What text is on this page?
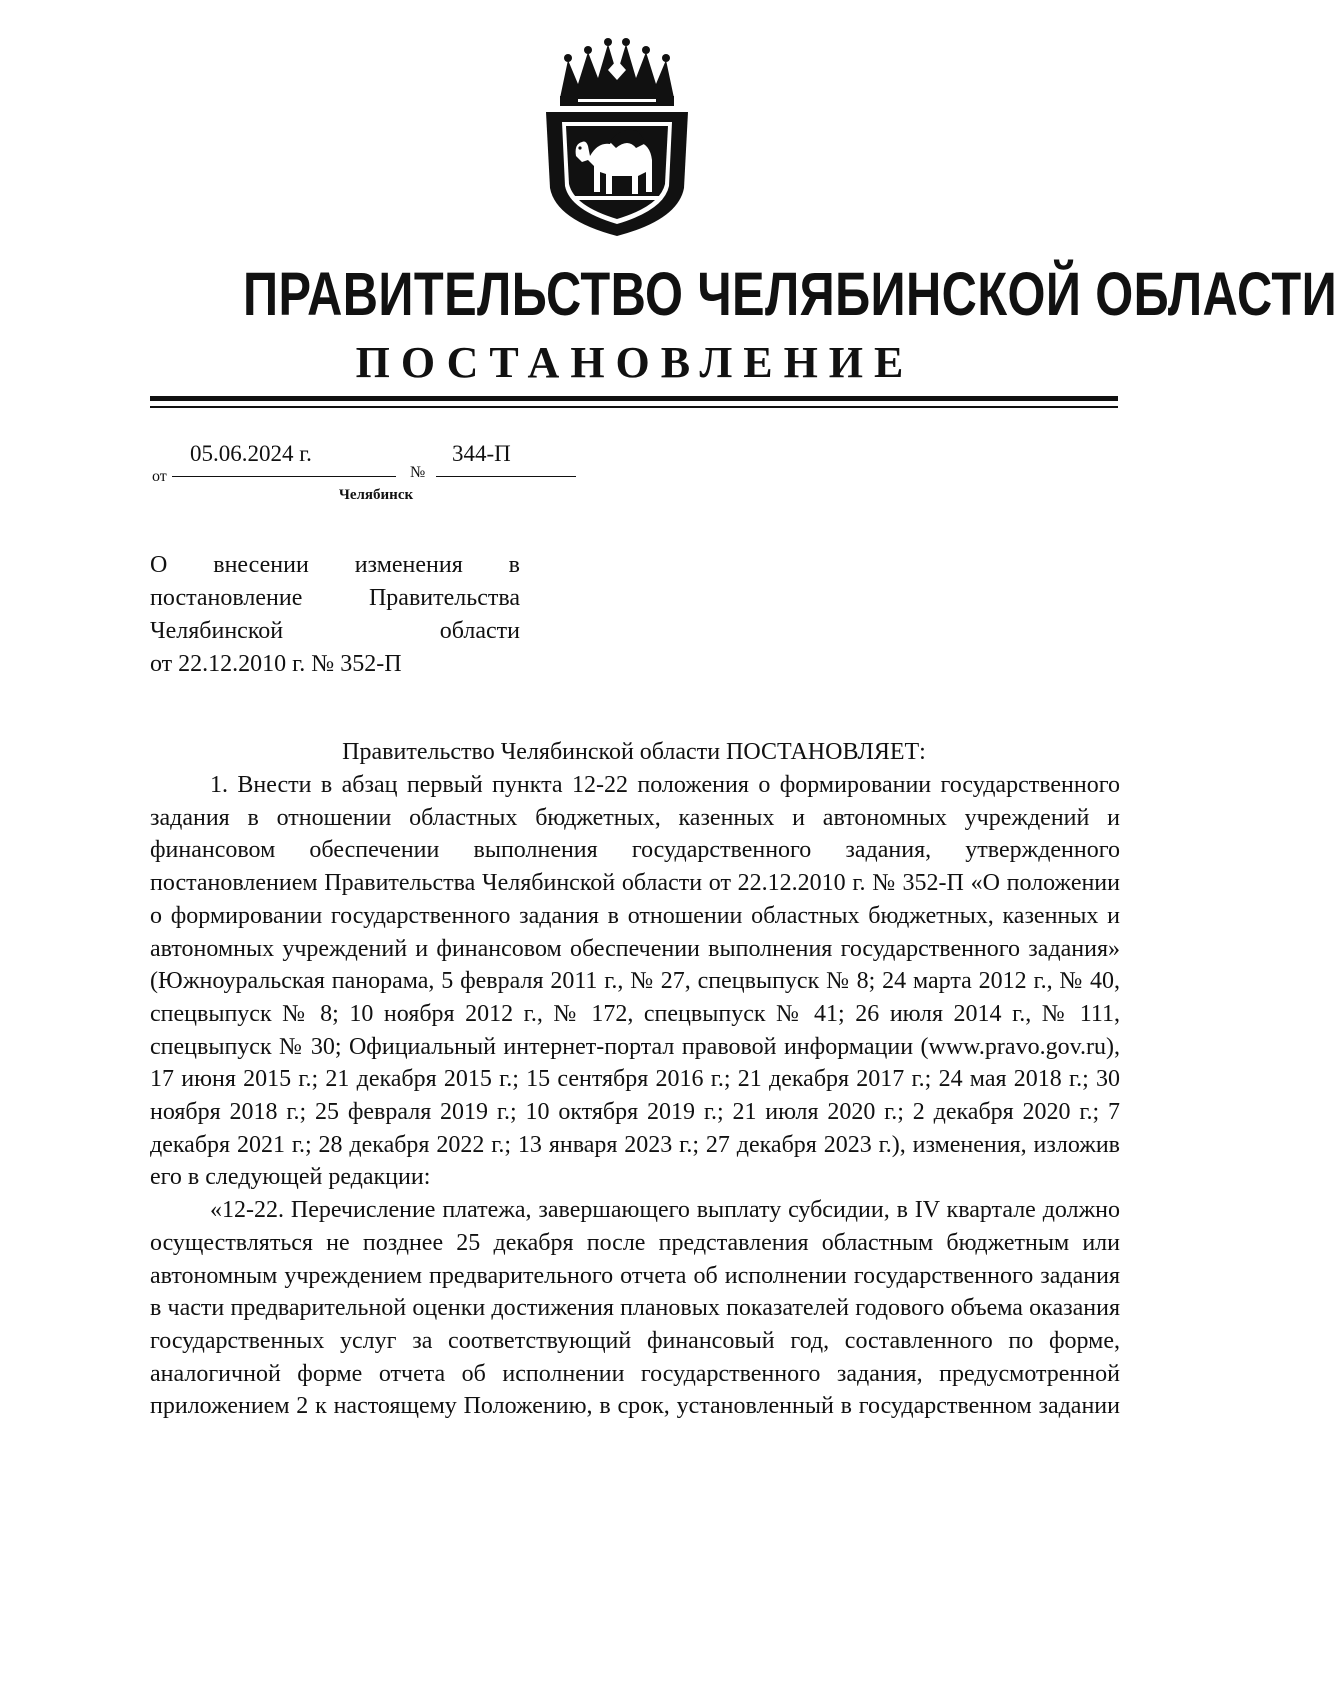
ПРАВИТЕЛЬСТВО ЧЕЛЯБИНСКОЙ ОБЛАСТИ
ПОСТАНОВЛЕНИЕ
от
05.06.2024 г.
№
344-П
Челябинск
О внесении изменения в
постановление Правительства
Челябинской области
от 22.12.2010 г. № 352-П
Правительство Челябинской области ПОСТАНОВЛЯЕТ:

1. Внести в абзац первый пункта 12-22 положения о формировании государственного задания в отношении областных бюджетных, казенных и автономных учреждений и финансовом обеспечении выполнения государственного задания, утвержденного постановлением Правительства Челябинской области от 22.12.2010 г. № 352-П «О положении о формировании государственного задания в отношении областных бюджетных, казенных и автономных учреждений и финансовом обеспечении выполнения государственного задания» (Южноуральская панорама, 5 февраля 2011 г., № 27, спецвыпуск № 8; 24 марта 2012 г., № 40, спецвыпуск № 8; 10 ноября 2012 г., № 172, спецвыпуск № 41; 26 июля 2014 г., № 111, спецвыпуск № 30; Официальный интернет-портал правовой информации (www.pravo.gov.ru), 17 июня 2015 г.; 21 декабря 2015 г.; 15 сентября 2016 г.; 21 декабря 2017 г.; 24 мая 2018 г.; 30 ноября 2018 г.; 25 февраля 2019 г.; 10 октября 2019 г.; 21 июля 2020 г.; 2 декабря 2020 г.; 7 декабря 2021 г.; 28 декабря 2022 г.; 13 января 2023 г.; 27 декабря 2023 г.), изменения, изложив его в следующей редакции:

«12-22. Перечисление платежа, завершающего выплату субсидии, в IV квартале должно осуществляться не позднее 25 декабря после представления областным бюджетным или автономным учреждением предварительного отчета об исполнении государственного задания в части предварительной оценки достижения плановых показателей годового объема оказания государственных услуг за соответствующий финансовый год, составленного по форме, аналогичной форме отчета об исполнении государственного задания, предусмотренной приложением 2 к настоящему Положению, в срок, установленный в государственном задании
